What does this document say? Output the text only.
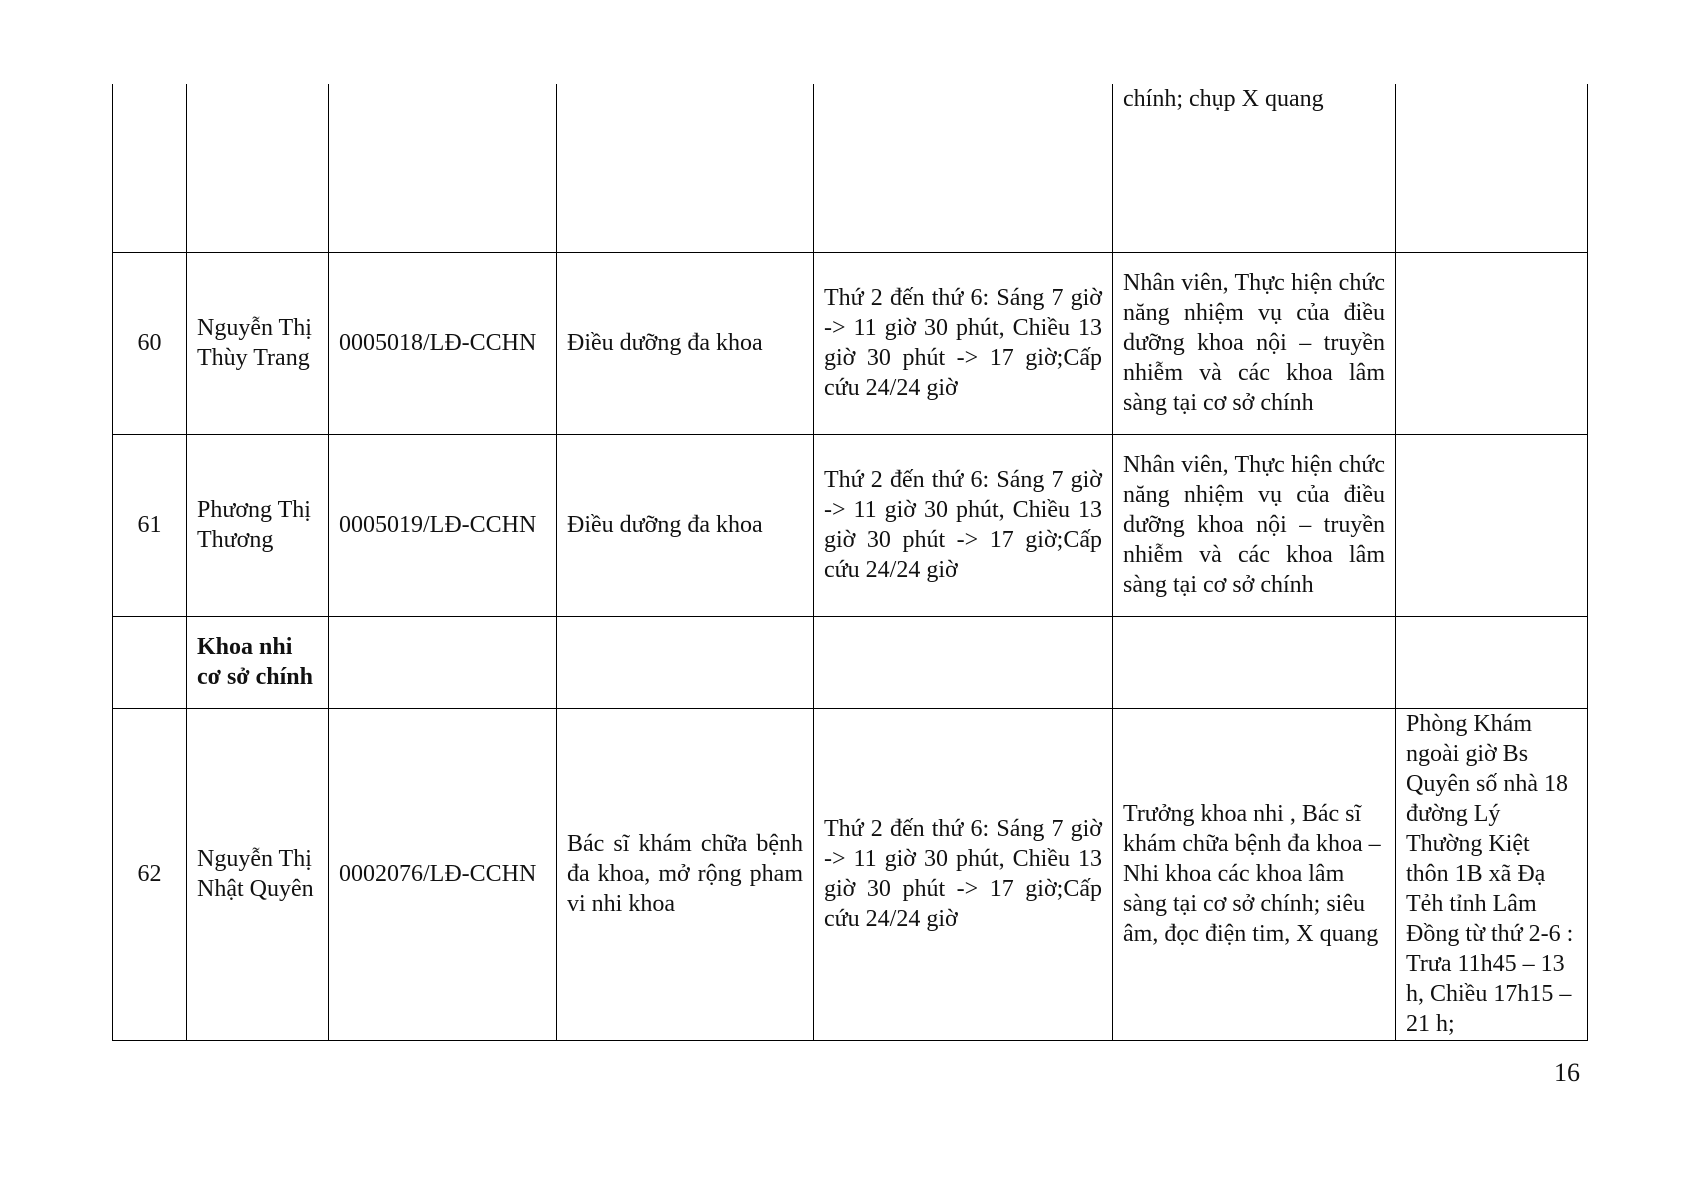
					chính; chụp X quang	
60	Nguyễn Thị Thùy Trang	0005018/LĐ-CCHN	Điều dưỡng đa khoa	Thứ 2 đến thứ 6: Sáng 7 giờ -> 11 giờ 30 phút, Chiều 13 giờ 30 phút -> 17 giờ;Cấp cứu 24/24 giờ	Nhân viên, Thực hiện chức năng nhiệm vụ của điều dưỡng khoa nội – truyền nhiễm và các khoa lâm sàng tại cơ sở chính	
61	Phương Thị Thương	0005019/LĐ-CCHN	Điều dưỡng đa khoa	Thứ 2 đến thứ 6: Sáng 7 giờ -> 11 giờ 30 phút, Chiều 13 giờ 30 phút -> 17 giờ;Cấp cứu 24/24 giờ	Nhân viên, Thực hiện chức năng nhiệm vụ của điều dưỡng khoa nội – truyền nhiễm và các khoa lâm sàng tại cơ sở chính	
	Khoa nhi cơ sở chính					
62	Nguyễn Thị Nhật Quyên	0002076/LĐ-CCHN	Bác sĩ khám chữa bệnh đa khoa, mở rộng pham vi nhi khoa	Thứ 2 đến thứ 6: Sáng 7 giờ -> 11 giờ 30 phút, Chiều 13 giờ 30 phút -> 17 giờ;Cấp cứu 24/24 giờ	Trưởng khoa nhi , Bác sĩ khám chữa bệnh đa khoa – Nhi khoa các khoa lâm sàng tại cơ sở chính; siêu âm, đọc điện tim, X quang	Phòng Khám ngoài giờ Bs Quyên số nhà 18 đường Lý Thường Kiệt thôn 1B xã Đạ Tẻh tỉnh Lâm Đồng từ thứ 2-6 : Trưa 11h45 – 13 h, Chiều 17h15 – 21 h;
16
